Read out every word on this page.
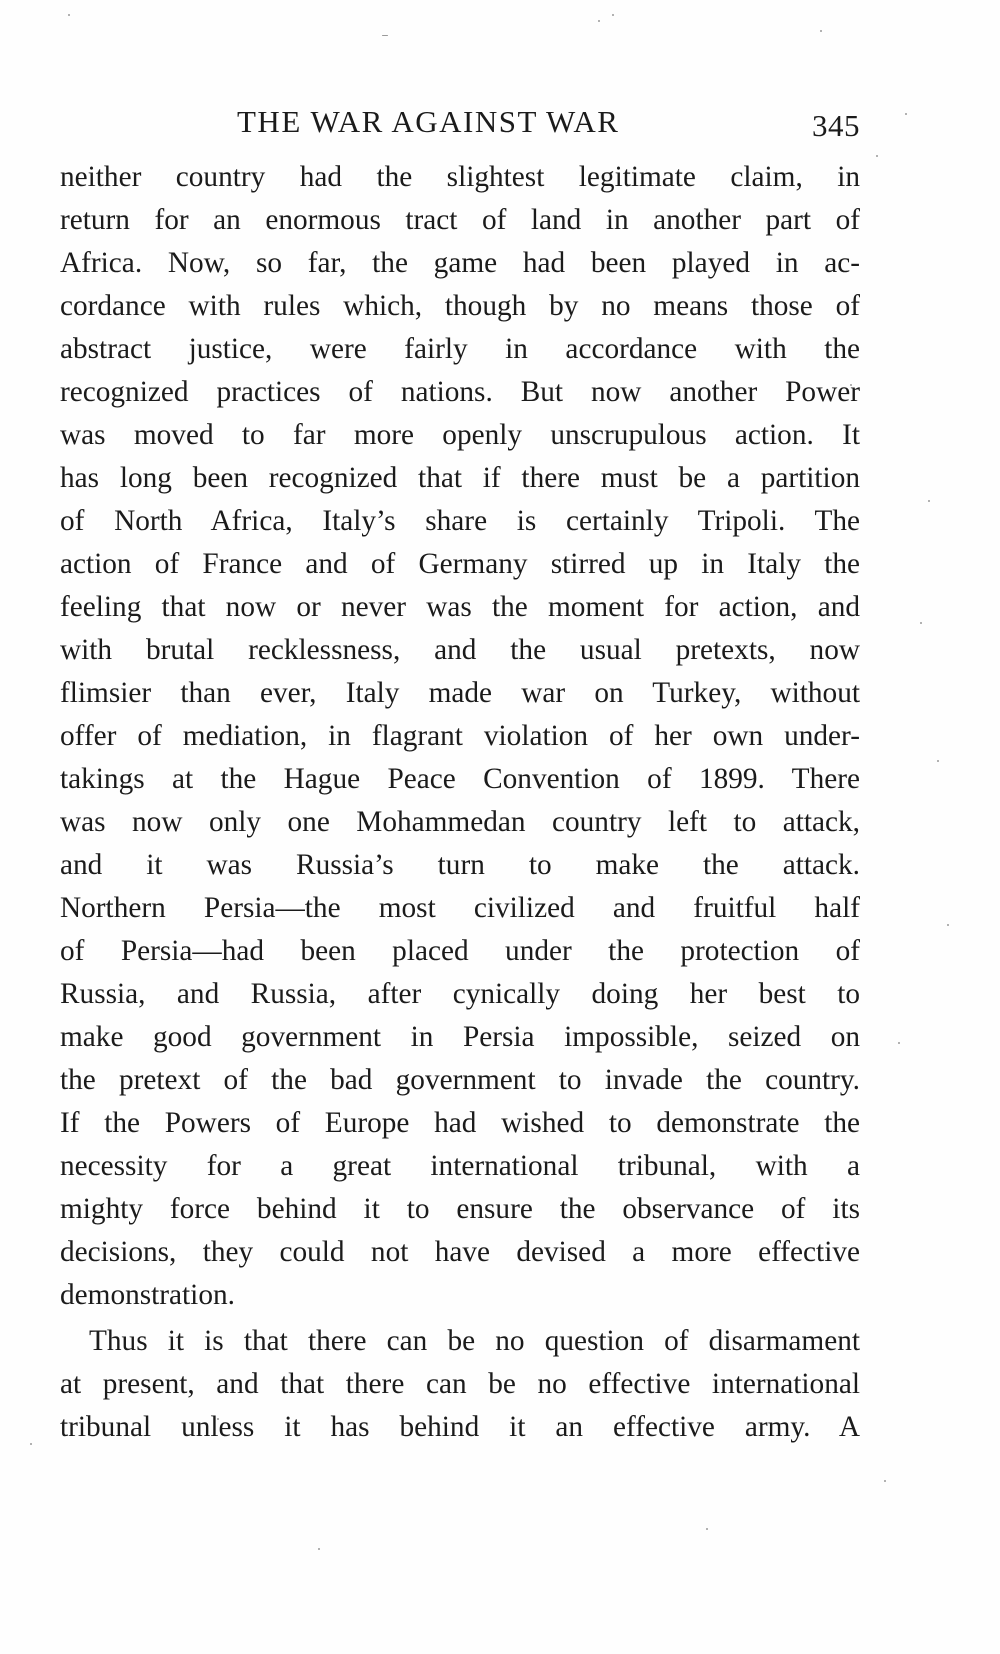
THE WAR AGAINST WAR	345

neither country had the slightest legitimate claim, in
return for an enormous tract of land in another part of
Africa. Now, so far, the game had been played in ac-
cordance with rules which, though by no means those of
abstract justice, were fairly in accordance with the
recognized practices of nations. But now another Power
was moved to far more openly unscrupulous action. It
has long been recognized that if there must be a partition
of North Africa, Italy’s share is certainly Tripoli. The
action of France and of Germany stirred up in Italy the
feeling that now or never was the moment for action, and
with brutal recklessness, and the usual pretexts, now
flimsier than ever, Italy made war on Turkey, without
offer of mediation, in flagrant violation of her own under-
takings at the Hague Peace Convention of 1899. There
was now only one Mohammedan country left to attack,
and it was Russia’s turn to make the attack.
Northern Persia—the most civilized and fruitful half
of Persia—had been placed under the protection of
Russia, and Russia, after cynically doing her best to
make good government in Persia impossible, seized on
the pretext of the bad government to invade the country.
If the Powers of Europe had wished to demonstrate the
necessity for a great international tribunal, with a
mighty force behind it to ensure the observance of its
decisions, they could not have devised a more effective
demonstration.

Thus it is that there can be no question of disarmament
at present, and that there can be no effective international
tribunal unless it has behind it an effective army. A
